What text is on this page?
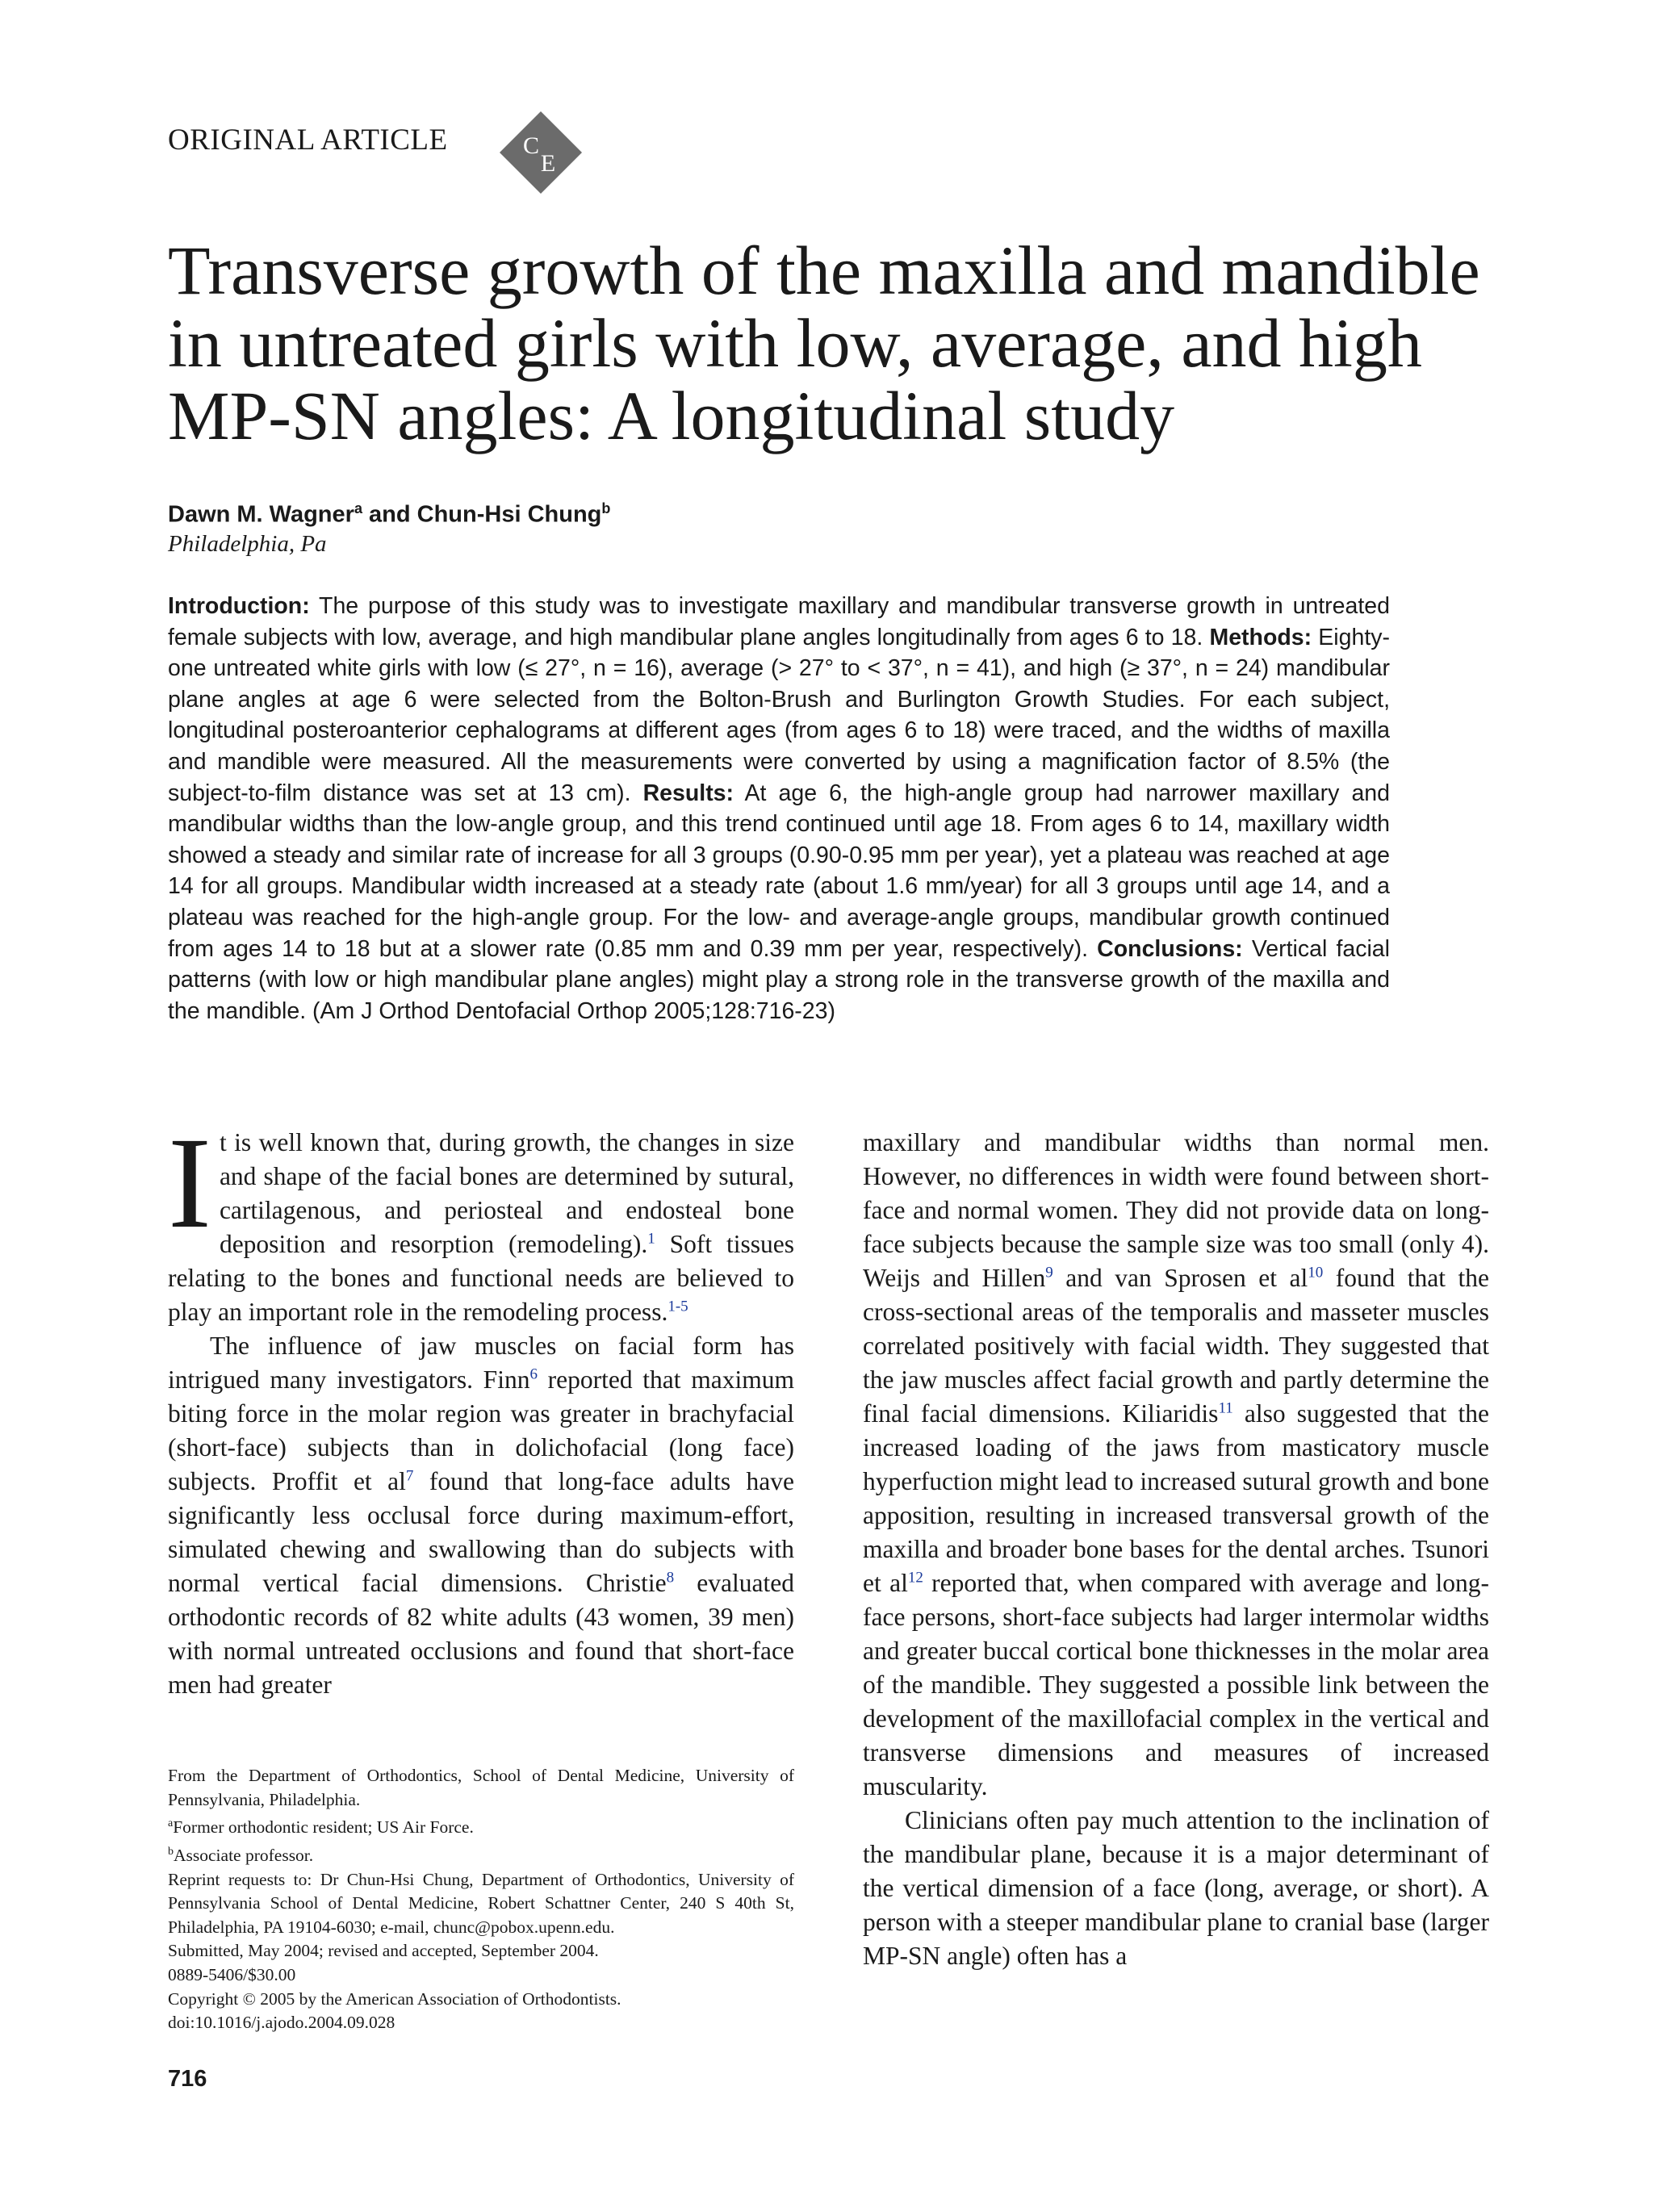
ORIGINAL ARTICLE	C
E
Transverse growth of the maxilla and mandible in untreated girls with low, average, and high MP-SN angles: A longitudinal study
Dawn M. Wagner$^a$ and Chun-Hsi Chung$^b$
Philadelphia, Pa
Introduction: The purpose of this study was to investigate maxillary and mandibular transverse growth in untreated female subjects with low, average, and high mandibular plane angles longitudinally from ages 6 to 18. Methods: Eighty-one untreated white girls with low (≤ 27°, n = 16), average (> 27° to < 37°, n = 41), and high (≥ 37°, n = 24) mandibular plane angles at age 6 were selected from the Bolton-Brush and Burlington Growth Studies. For each subject, longitudinal posteroanterior cephalograms at different ages (from ages 6 to 18) were traced, and the widths of maxilla and mandible were measured. All the measurements were converted by using a magnification factor of 8.5% (the subject-to-film distance was set at 13 cm). Results: At age 6, the high-angle group had narrower maxillary and mandibular widths than the low-angle group, and this trend continued until age 18. From ages 6 to 14, maxillary width showed a steady and similar rate of increase for all 3 groups (0.90-0.95 mm per year), yet a plateau was reached at age 14 for all groups. Mandibular width increased at a steady rate (about 1.6 mm/year) for all 3 groups until age 14, and a plateau was reached for the high-angle group. For the low- and average-angle groups, mandibular growth continued from ages 14 to 18 but at a slower rate (0.85 mm and 0.39 mm per year, respectively). Conclusions: Vertical facial patterns (with low or high mandibular plane angles) might play a strong role in the transverse growth of the maxilla and the mandible. (Am J Orthod Dentofacial Orthop 2005;128:716-23)

It is well known that, during growth, the changes in size and shape of the facial bones are determined by sutural, cartilagenous, and periosteal and endosteal bone deposition and resorption (remodeling).$^1$ Soft tissues relating to the bones and functional needs are believed to play an important role in the remodeling process.$^{1-5}$

The influence of jaw muscles on facial form has intrigued many investigators. Finn$^6$ reported that maximum biting force in the molar region was greater in brachyfacial (short-face) subjects than in dolichofacial (long face) subjects. Proffit et $al^7$ found that long-face adults have significantly less occlusal force during maximum-effort, simulated chewing and swallowing than do subjects with normal vertical facial dimensions. Christie$^8$ evaluated orthodontic records of 82 white adults (43 women, 39 men) with normal untreated occlusions and found that short-face men had greater

From the Department of Orthodontics, School of Dental Medicine, University of Pennsylvania, Philadelphia.

$^a$Former orthodontic resident; US Air Force.

$^b$Associate professor.

Reprint requests to: Dr Chun-Hsi Chung, Department of Orthodontics, University of Pennsylvania School of Dental Medicine, Robert Schattner Center, 240 S 40th St, Philadelphia, PA 19104-6030; e-mail, chunc@pobox.upenn.edu.

Submitted, May 2004; revised and accepted, September 2004.

0889-5406/$30.00

Copyright © 2005 by the American Association of Orthodontists.

doi:10.1016/j.ajodo.2004.09.028

maxillary and mandibular widths than normal men. However, no differences in width were found between short-face and normal women. They did not provide data on long-face subjects because the sample size was too small (only 4). Weijs and Hillen$^9$ and van Sprosen et $al^{10}$ found that the cross-sectional areas of the temporalis and masseter muscles correlated positively with facial width. They suggested that the jaw muscles affect facial growth and partly determine the final facial dimensions. Kiliaridis$^{11}$ also suggested that the increased loading of the jaws from masticatory muscle hyperfuction might lead to increased sutural growth and bone apposition, resulting in increased transversal growth of the maxilla and broader bone bases for the dental arches. Tsunori et $al^{12}$ reported that, when compared with average and long-face persons, short-face subjects had larger intermolar widths and greater buccal cortical bone thicknesses in the molar area of the mandible. They suggested a possible link between the development of the maxillofacial complex in the vertical and transverse dimensions and measures of increased muscularity.

Clinicians often pay much attention to the inclination of the mandibular plane, because it is a major determinant of the vertical dimension of a face (long, average, or short). A person with a steeper mandibular plane to cranial base (larger MP-SN angle) often has a

716
